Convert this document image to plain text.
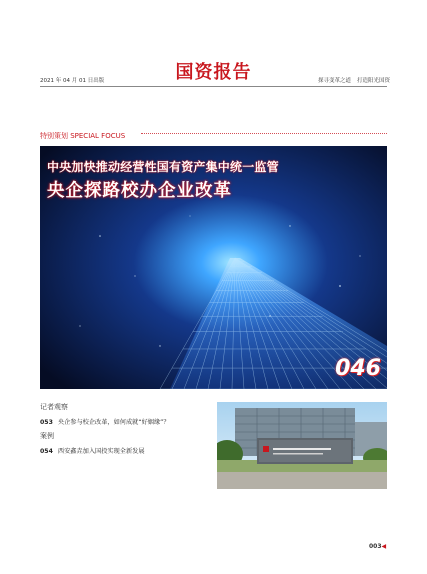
国资报告
2021 年 04 月 01 日出版	探寻变革之道 打造阳光国资
特别策划 SPECIAL FOCUS
中央加快推动经营性国有资产集中统一监管
央企探路校办企业改革
046
记者观察
053 央企参与校企改革，如何成就“好姻缘”？
案例
054 西安鑫垚加入国投实现全新发展
003◀
